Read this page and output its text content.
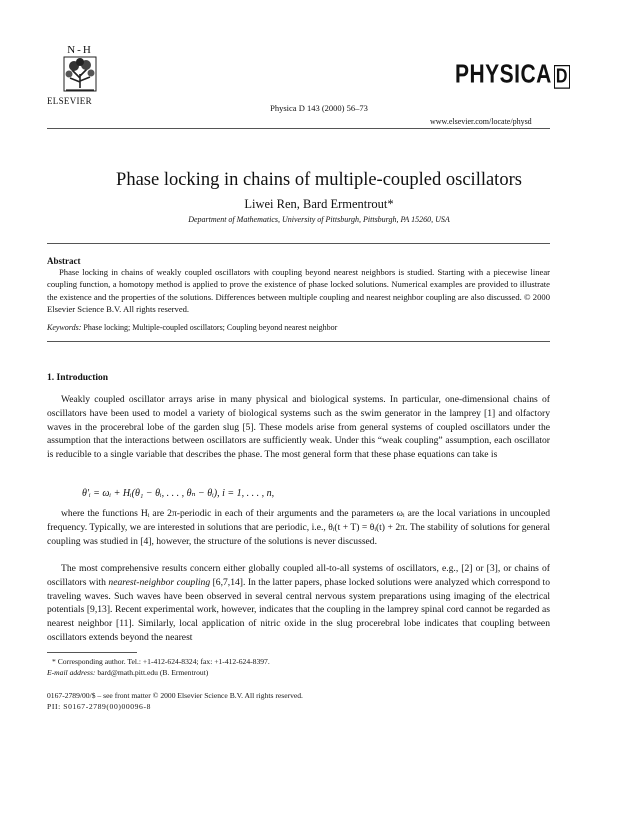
N-H
ELSEVIER
Physica D 143 (2000) 56–73
PHYSICA D
www.elsevier.com/locate/physd
Phase locking in chains of multiple-coupled oscillators
Liwei Ren, Bard Ermentrout*
Department of Mathematics, University of Pittsburgh, Pittsburgh, PA 15260, USA
Abstract
Phase locking in chains of weakly coupled oscillators with coupling beyond nearest neighbors is studied. Starting with a piecewise linear coupling function, a homotopy method is applied to prove the existence of phase locked solutions. Numerical examples are provided to illustrate the existence and the properties of the solutions. Differences between multiple coupling and nearest neighbor coupling are also discussed. © 2000 Elsevier Science B.V. All rights reserved.
Keywords: Phase locking; Multiple-coupled oscillators; Coupling beyond nearest neighbor
1. Introduction
Weakly coupled oscillator arrays arise in many physical and biological systems. In particular, one-dimensional chains of oscillators have been used to model a variety of biological systems such as the swim generator in the lamprey [1] and olfactory waves in the procerebral lobe of the garden slug [5]. These models arise from general systems of coupled oscillators under the assumption that the interactions between oscillators are sufficiently weak. Under this “weak coupling” assumption, each oscillator is reducible to a single variable that describes the phase. The most general form that these phase equations can take is
θ′ᵢ = ωᵢ + Hᵢ(θ₁ − θᵢ, . . . , θₙ − θᵢ), i = 1, . . . , n,
where the functions Hᵢ are 2π-periodic in each of their arguments and the parameters ωᵢ are the local variations in uncoupled frequency. Typically, we are interested in solutions that are periodic, i.e., θᵢ(t + T) = θᵢ(t) + 2π. The stability of solutions for general coupling was studied in [4], however, the structure of the solutions is never discussed.
The most comprehensive results concern either globally coupled all-to-all systems of oscillators, e.g., [2] or [3], or chains of oscillators with nearest-neighbor coupling [6,7,14]. In the latter papers, phase locked solutions were analyzed which correspond to traveling waves. Such waves have been observed in several central nervous system preparations using imaging of the electrical potentials [9,13]. Recent experimental work, however, indicates that the coupling in the lamprey spinal cord cannot be regarded as nearest neighbor [11]. Similarly, local application of nitric oxide in the slug procerebral lobe indicates that coupling between oscillators extends beyond the nearest
* Corresponding author. Tel.: +1-412-624-8324; fax: +1-412-624-8397.
E-mail address: bard@math.pitt.edu (B. Ermentrout)
0167-2789/00/$ – see front matter © 2000 Elsevier Science B.V. All rights reserved.
PII: S0167-2789(00)00096-8
